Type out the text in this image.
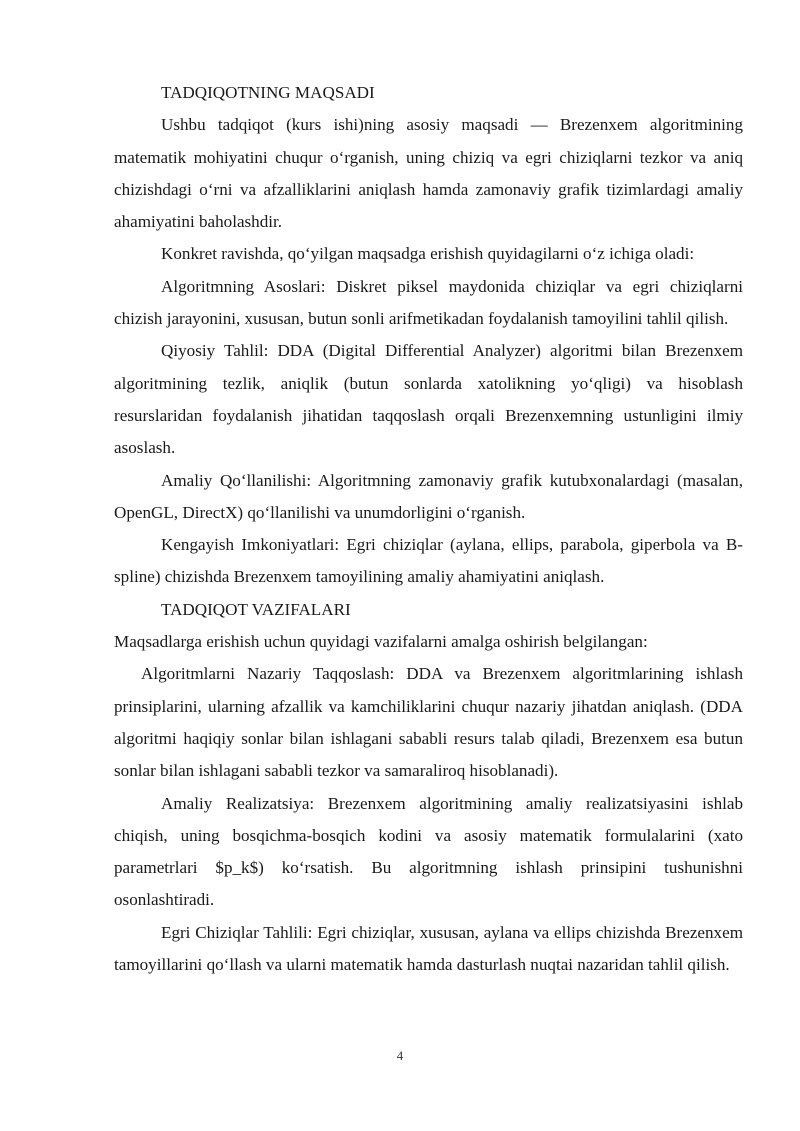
TADQIQOTNING MAQSADI

Ushbu tadqiqot (kurs ishi)ning asosiy maqsadi — Brezenxem algoritmining matematik mohiyatini chuqur o‘rganish, uning chiziq va egri chiziqlarni tezkor va aniq chizishdagi o‘rni va afzalliklarini aniqlash hamda zamonaviy grafik tizimlardagi amaliy ahamiyatini baholashdir.

Konkret ravishda, qo‘yilgan maqsadga erishish quyidagilarni o‘z ichiga oladi:

Algoritmning Asoslari: Diskret piksel maydonida chiziqlar va egri chiziqlarni chizish jarayonini, xususan, butun sonli arifmetikadan foydalanish tamoyilini tahlil qilish.

Qiyosiy Tahlil: DDA (Digital Differential Analyzer) algoritmi bilan Brezenxem algoritmining tezlik, aniqlik (butun sonlarda xatolikning yo‘qligi) va hisoblash resurslaridan foydalanish jihatidan taqqoslash orqali Brezenxemning ustunligini ilmiy asoslash.

Amaliy Qo‘llanilishi: Algoritmning zamonaviy grafik kutubxonalardagi (masalan, OpenGL, DirectX) qo‘llanilishi va unumdorligini o‘rganish.

Kengayish Imkoniyatlari: Egri chiziqlar (aylana, ellips, parabola, giperbola va B-spline) chizishda Brezenxem tamoyilining amaliy ahamiyatini aniqlash.

TADQIQOT VAZIFALARI

Maqsadlarga erishish uchun quyidagi vazifalarni amalga oshirish belgilangan:

Algoritmlarni Nazariy Taqqoslash: DDA va Brezenxem algoritmlarining ishlash prinsiplarini, ularning afzallik va kamchiliklarini chuqur nazariy jihatdan aniqlash. (DDA algoritmi haqiqiy sonlar bilan ishlagani sababli resurs talab qiladi, Brezenxem esa butun sonlar bilan ishlagani sababli tezkor va samaraliroq hisoblanadi).

Amaliy Realizatsiya: Brezenxem algoritmining amaliy realizatsiyasini ishlab chiqish, uning bosqichma-bosqich kodini va asosiy matematik formulalarini (xato parametrlari $p_k$) ko‘rsatish. Bu algoritmning ishlash prinsipini tushunishni osonlashtiradi.

Egri Chiziqlar Tahlili: Egri chiziqlar, xususan, aylana va ellips chizishda Brezenxem tamoyillarini qo‘llash va ularni matematik hamda dasturlash nuqtai nazaridan tahlil qilish.

4
